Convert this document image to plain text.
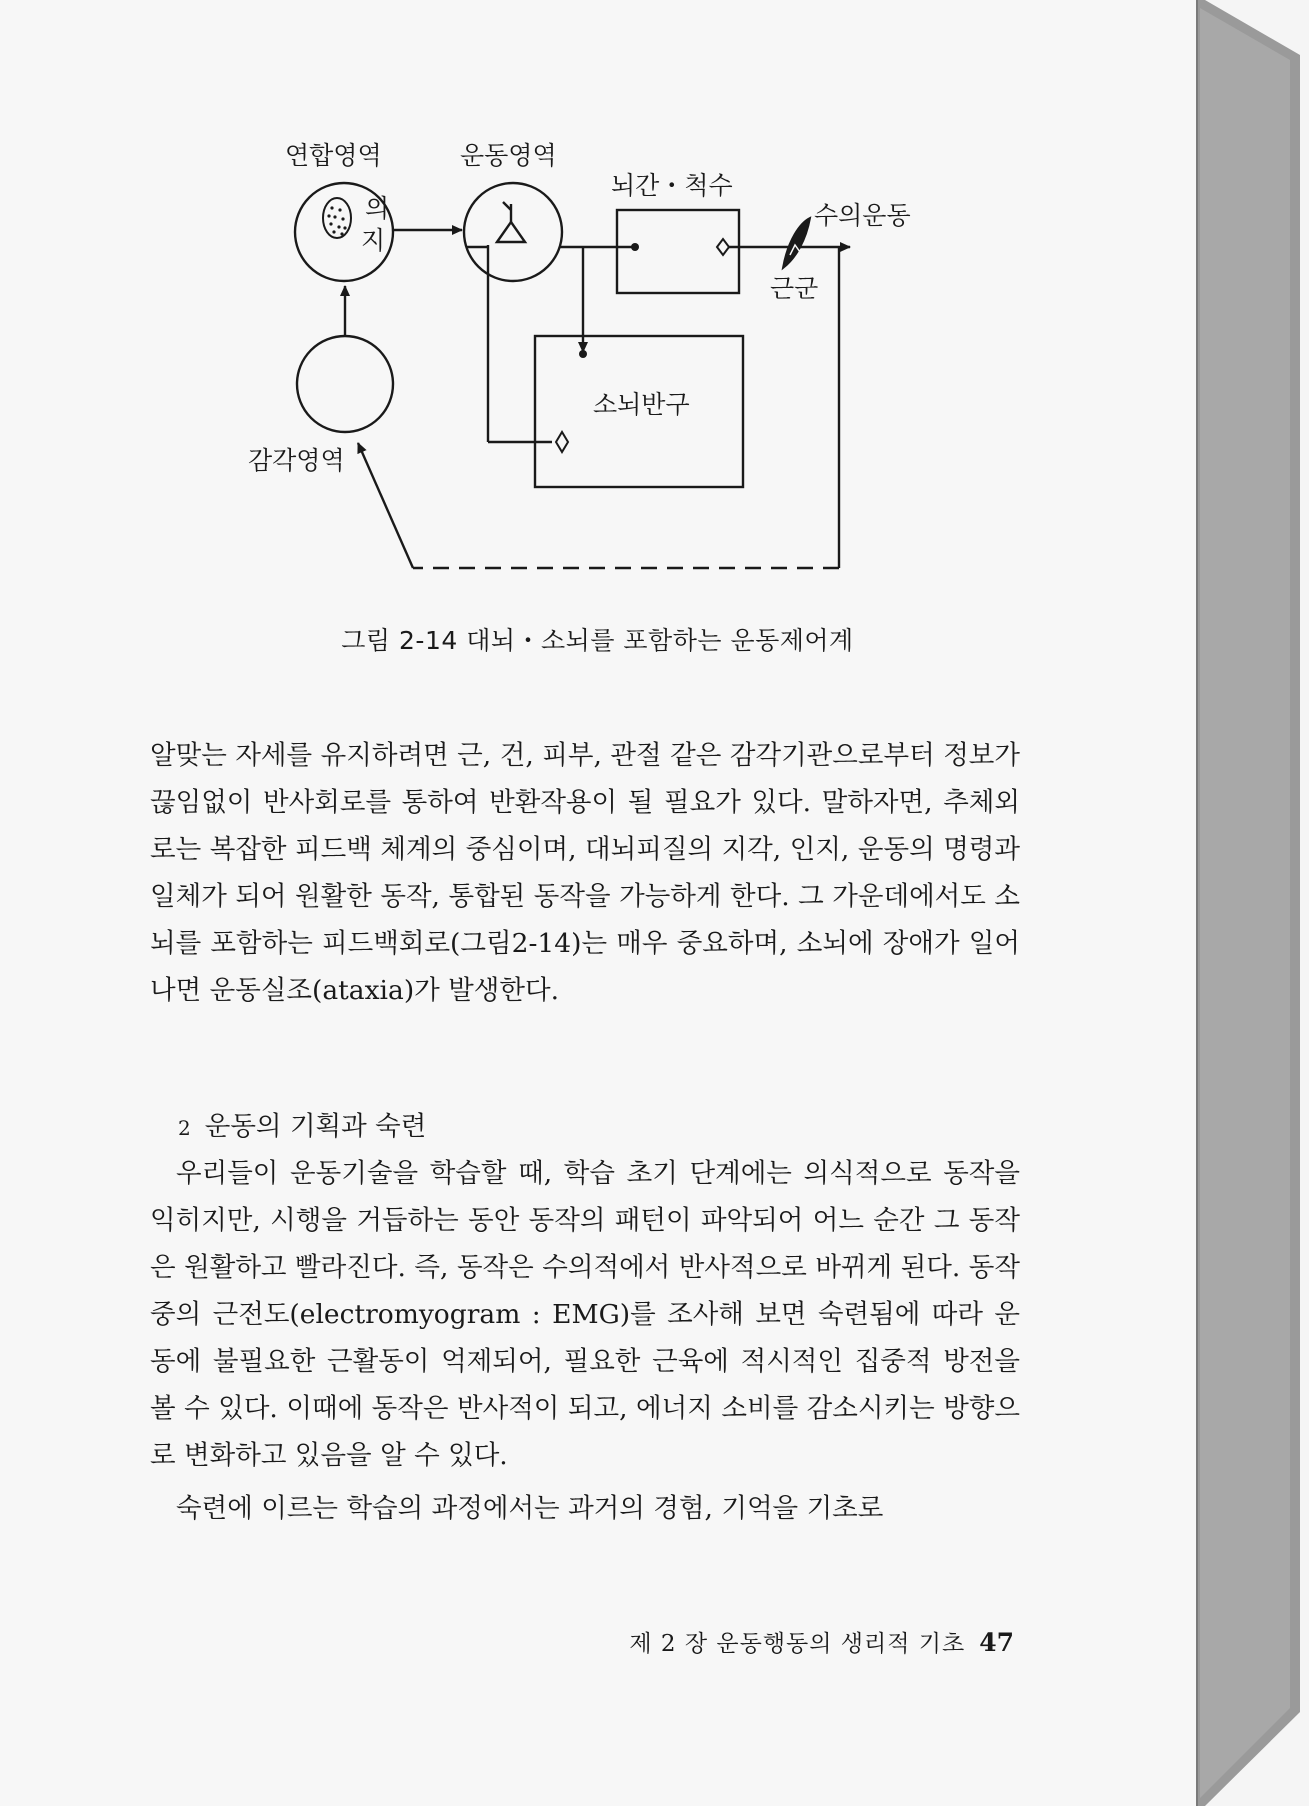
연합영역
의
지
운동영역
뇌간・척수
수의운동
근군
소뇌반구
감각영역
그림 2-14 대뇌・소뇌를 포함하는 운동제어계

알맞는 자세를 유지하려면 근, 건, 피부, 관절 같은 감각기관으로부터 정보가 끊임없이 반사회로를 통하여 반환작용이 될 필요가 있다. 말하자면, 추체외로는 복잡한 피드백 체계의 중심이며, 대뇌피질의 지각, 인지, 운동의 명령과 일체가 되어 원활한 동작, 통합된 동작을 가능하게 한다. 그 가운데에서도 소뇌를 포함하는 피드백회로(그림2-14)는 매우 중요하며, 소뇌에 장애가 일어나면 운동실조(ataxia)가 발생한다.

2 운동의 기획과 숙련

우리들이 운동기술을 학습할 때, 학습 초기 단계에는 의식적으로 동작을 익히지만, 시행을 거듭하는 동안 동작의 패턴이 파악되어 어느 순간 그 동작은 원활하고 빨라진다. 즉, 동작은 수의적에서 반사적으로 바뀌게 된다. 동작중의 근전도(electromyogram : EMG)를 조사해 보면 숙련됨에 따라 운동에 불필요한 근활동이 억제되어, 필요한 근육에 적시적인 집중적 방전을 볼 수 있다. 이때에 동작은 반사적이 되고, 에너지 소비를 감소시키는 방향으로 변화하고 있음을 알 수 있다.

숙련에 이르는 학습의 과정에서는 과거의 경험, 기억을 기초로

제 2 장 운동행동의 생리적 기초 47
